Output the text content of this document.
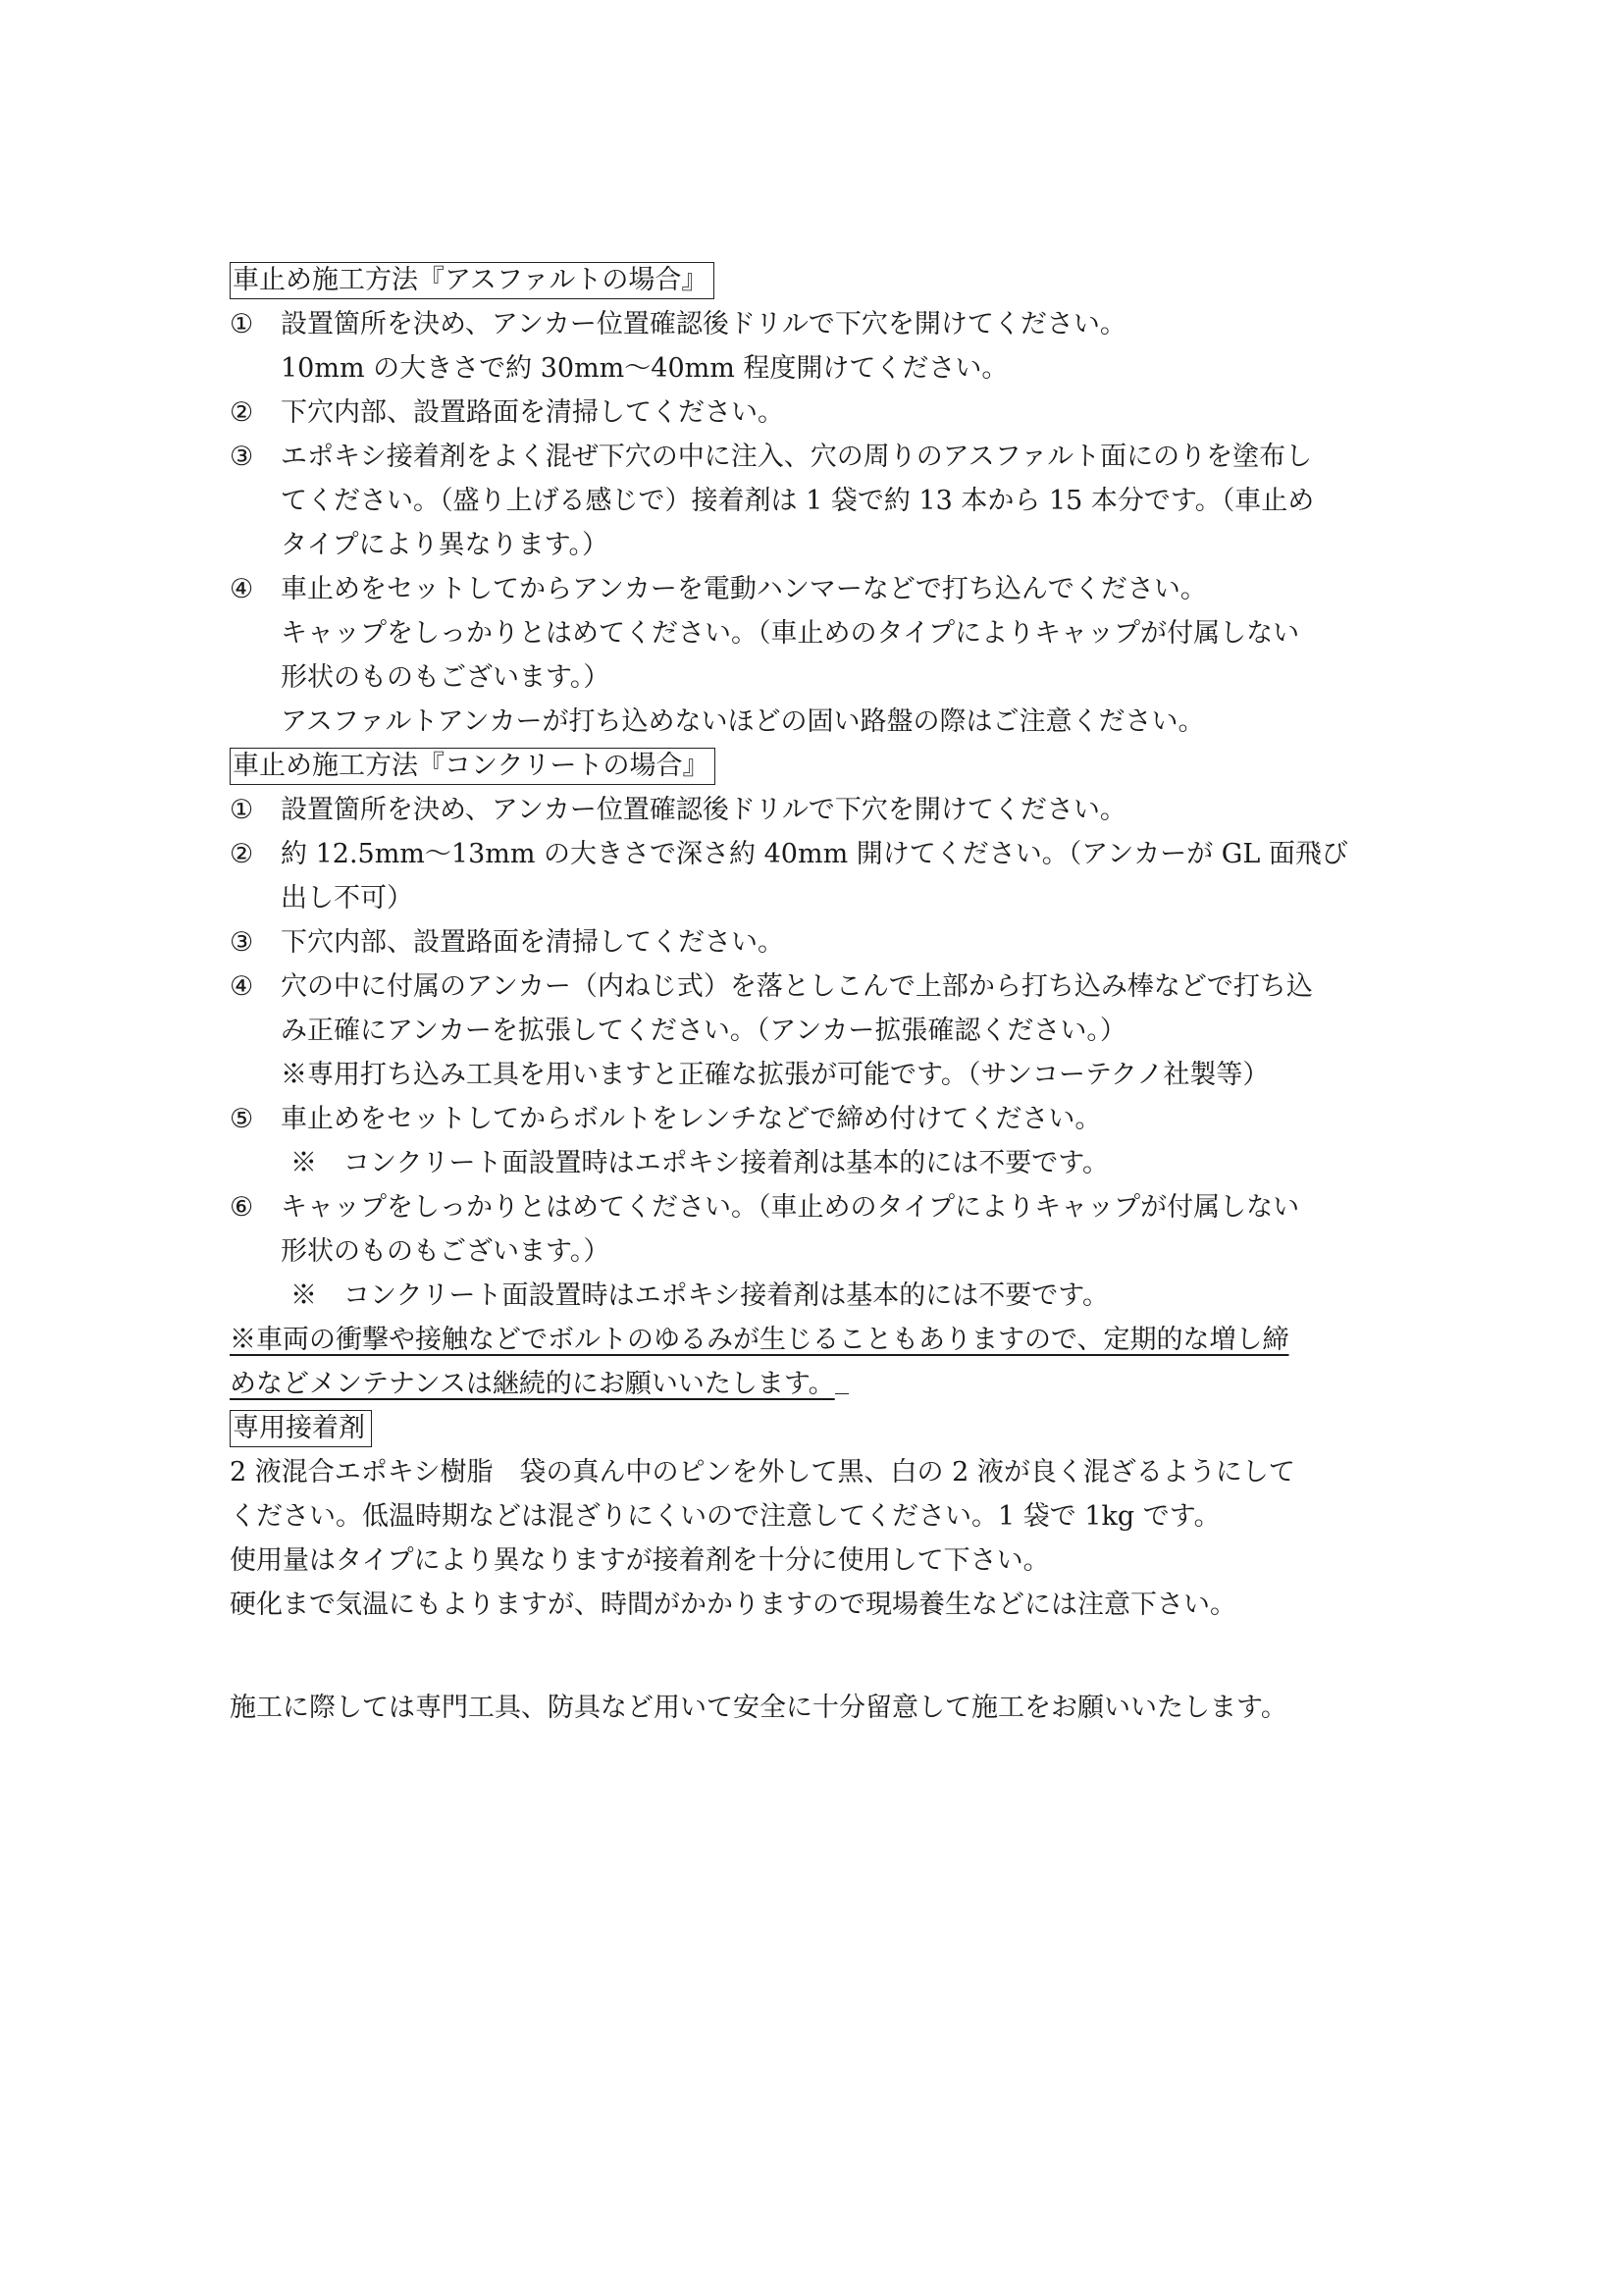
車止め施工方法『アスファルトの場合』
①	設置箇所を決め、アンカー位置確認後ドリルで下穴を開けてください。
10mm の大きさで約 30mm～40mm 程度開けてください。
②	下穴内部、設置路面を清掃してください。
③	エポキシ接着剤をよく混ぜ下穴の中に注入、穴の周りのアスファルト面にのりを塗布し
てください。（盛り上げる感じで）接着剤は 1 袋で約 13 本から 15 本分です。（車止め
タイプにより異なります。）
④	車止めをセットしてからアンカーを電動ハンマーなどで打ち込んでください。
キャップをしっかりとはめてください。（車止めのタイプによりキャップが付属しない
形状のものもございます。）
アスファルトアンカーが打ち込めないほどの固い路盤の際はご注意ください。
車止め施工方法『コンクリートの場合』
①	設置箇所を決め、アンカー位置確認後ドリルで下穴を開けてください。
②	約 12.5mm～13mm の大きさで深さ約 40mm 開けてください。（アンカーが GL 面飛び
出し不可）
③	下穴内部、設置路面を清掃してください。
④	穴の中に付属のアンカー（内ねじ式）を落としこんで上部から打ち込み棒などで打ち込
み正確にアンカーを拡張してください。（アンカー拡張確認ください。）
※専用打ち込み工具を用いますと正確な拡張が可能です。（サンコーテクノ社製等）
⑤	車止めをセットしてからボルトをレンチなどで締め付けてください。
※　コンクリート面設置時はエポキシ接着剤は基本的には不要です。
⑥	キャップをしっかりとはめてください。（車止めのタイプによりキャップが付属しない
形状のものもございます。）
※　コンクリート面設置時はエポキシ接着剤は基本的には不要です。
※車両の衝撃や接触などでボルトのゆるみが生じることもありますので、定期的な増し締
めなどメンテナンスは継続的にお願いいたします。
専用接着剤
2 液混合エポキシ樹脂　袋の真ん中のピンを外して黒、白の 2 液が良く混ざるようにして
ください。低温時期などは混ざりにくいので注意してください。1 袋で 1kg です。
使用量はタイプにより異なりますが接着剤を十分に使用して下さい。
硬化まで気温にもよりますが、時間がかかりますので現場養生などには注意下さい。
施工に際しては専門工具、防具など用いて安全に十分留意して施工をお願いいたします。
